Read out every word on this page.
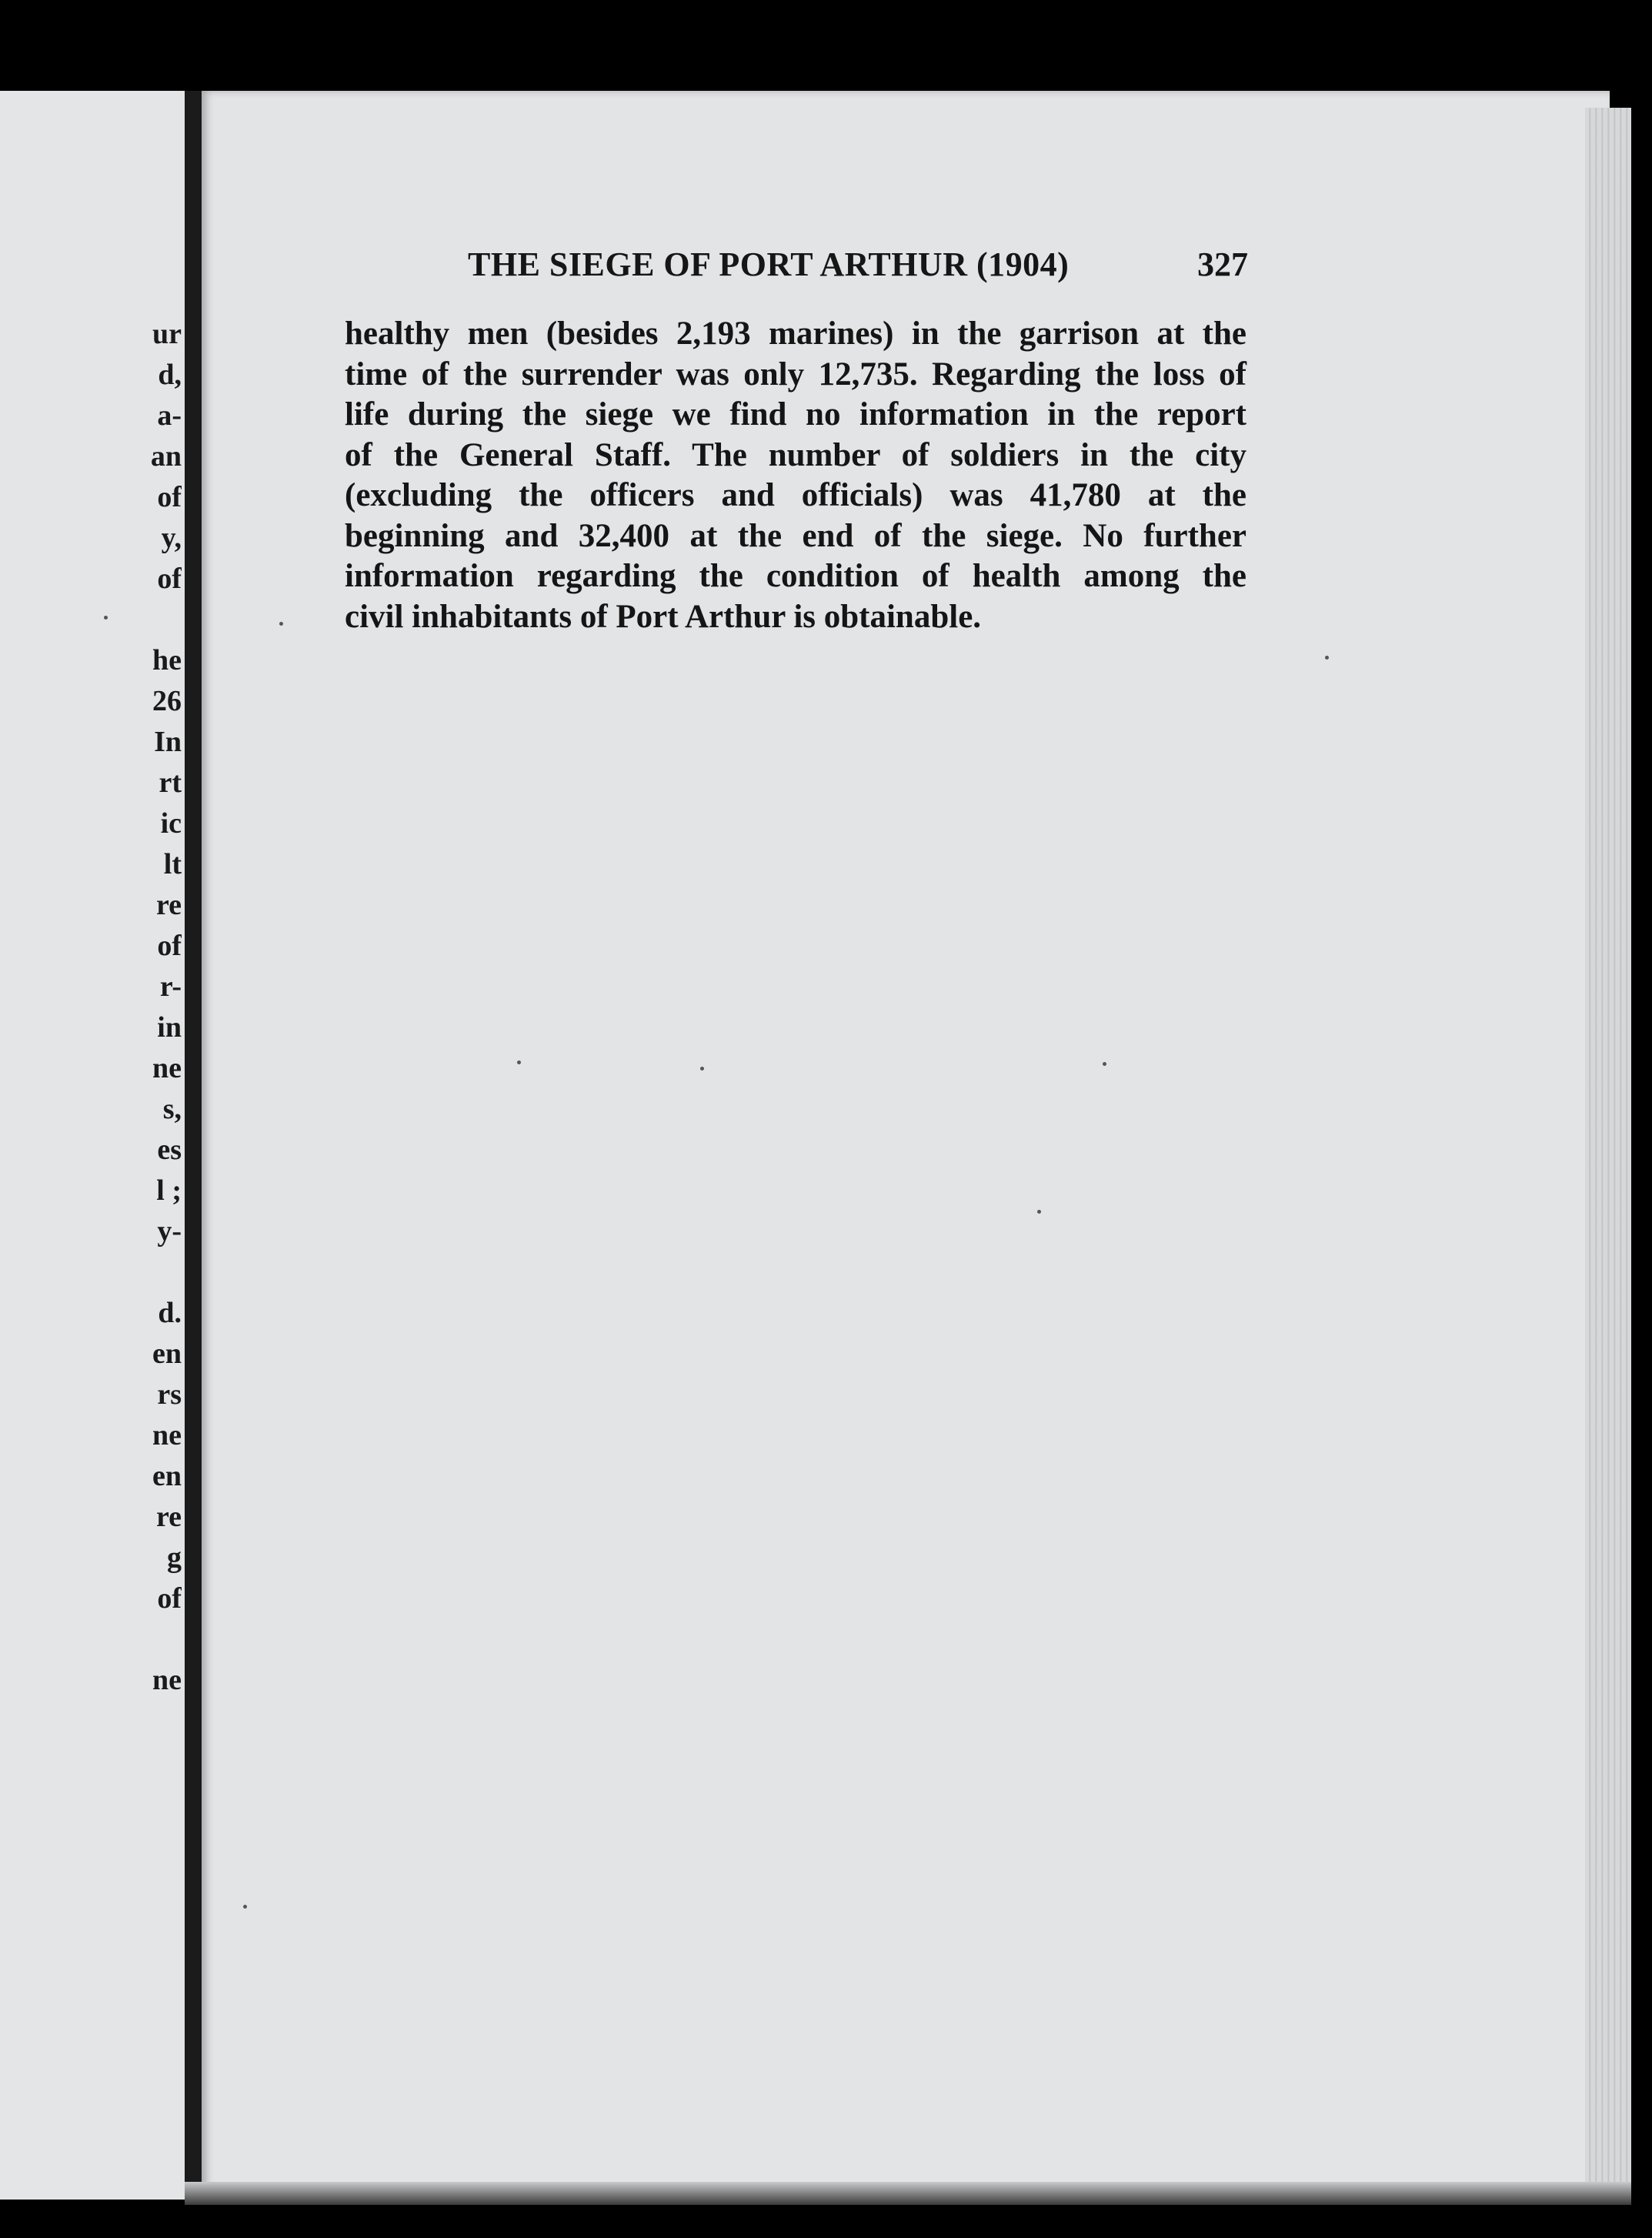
ur
d,
a-
an
of
y,
of
he
26
In
rt
ic
lt
re
of
r-
in
ne
s,
es
l ;
y-
d.
en
rs
ne
en
re
g
of
ne
THE SIEGE OF PORT ARTHUR (1904)	327
healthy men (besides 2,193 marines) in the garrison at the
time of the surrender was only 12,735. Regarding the loss of
life during the siege we find no information in the report
of the General Staff. The number of soldiers in the city
(excluding the officers and officials) was 41,780 at the
beginning and 32,400 at the end of the siege. No further
information regarding the condition of health among the
civil inhabitants of Port Arthur is obtainable.
